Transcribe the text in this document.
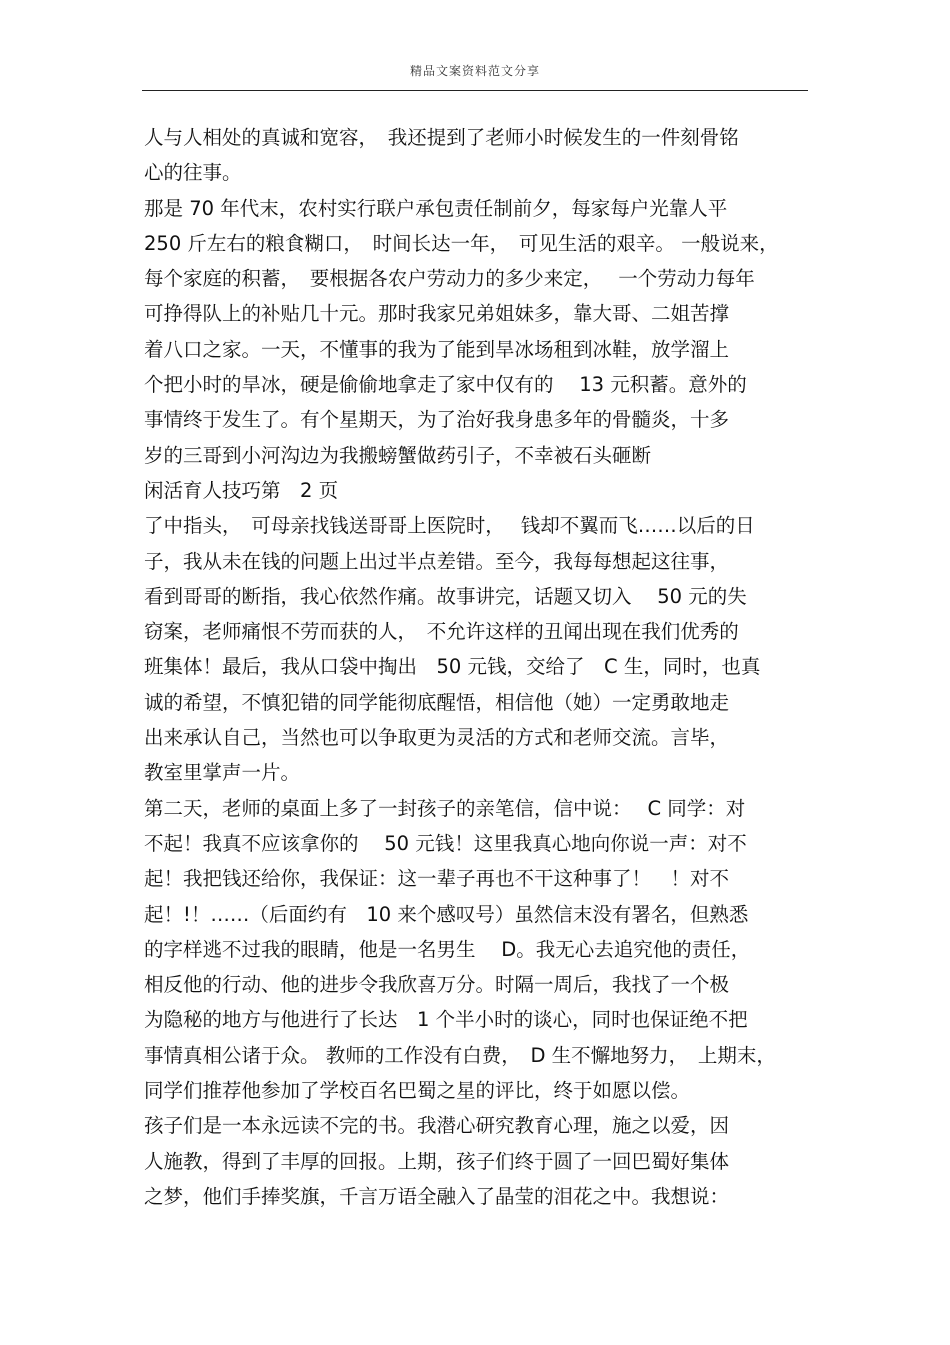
精品文案资料范文分享
人与人相处的真诚和宽容，　我还提到了老师小时候发生的一件刻骨铭
心的往事。
那是 70 年代末，农村实行联户承包责任制前夕，每家每户光靠人平
250 斤左右的粮食糊口，　时间长达一年，　可见生活的艰辛。 一般说来，
每个家庭的积蓄，　要根据各农户劳动力的多少来定，　 一个劳动力每年
可挣得队上的补贴几十元。那时我家兄弟姐妹多，靠大哥、二姐苦撑
着八口之家。一天，不懂事的我为了能到旱冰场租到冰鞋，放学溜上
个把小时的旱冰，硬是偷偷地拿走了家中仅有的　 13 元积蓄。意外的
事情终于发生了。有个星期天，为了治好我身患多年的骨髓炎，十多
岁的三哥到小河沟边为我搬螃蟹做药引子，不幸被石头砸断
闲活育人技巧第　2 页
了中指头，　可母亲找钱送哥哥上医院时，　 钱却不翼而飞……以后的日
子，我从未在钱的问题上出过半点差错。至今，我每每想起这往事，
看到哥哥的断指，我心依然作痛。故事讲完，话题又切入　 50 元的失
窃案，老师痛恨不劳而获的人，　不允许这样的丑闻出现在我们优秀的
班集体！最后，我从口袋中掏出　50 元钱，交给了　C 生，同时，也真
诚的希望，不慎犯错的同学能彻底醒悟，相信他（她）一定勇敢地走
出来承认自己，当然也可以争取更为灵活的方式和老师交流。言毕，
教室里掌声一片。
第二天，老师的桌面上多了一封孩子的亲笔信，信中说：　 C 同学：对
不起！我真不应该拿你的　 50 元钱！这里我真心地向你说一声：对不
起！我把钱还给你，我保证：这一辈子再也不干这种事了！　！对不
起！!！……（后面约有　10 来个感叹号）虽然信末没有署名，但熟悉
的字样逃不过我的眼睛，他是一名男生　 D。我无心去追究他的责任，
相反他的行动、他的进步令我欣喜万分。时隔一周后，我找了一个极
为隐秘的地方与他进行了长达　1 个半小时的谈心，同时也保证绝不把
事情真相公诸于众。 教师的工作没有白费，　D 生不懈地努力，　上期末，
同学们推荐他参加了学校百名巴蜀之星的评比，终于如愿以偿。
孩子们是一本永远读不完的书。我潜心研究教育心理，施之以爱，因
人施教，得到了丰厚的回报。上期，孩子们终于圆了一回巴蜀好集体
之梦，他们手捧奖旗，千言万语全融入了晶莹的泪花之中。我想说：
